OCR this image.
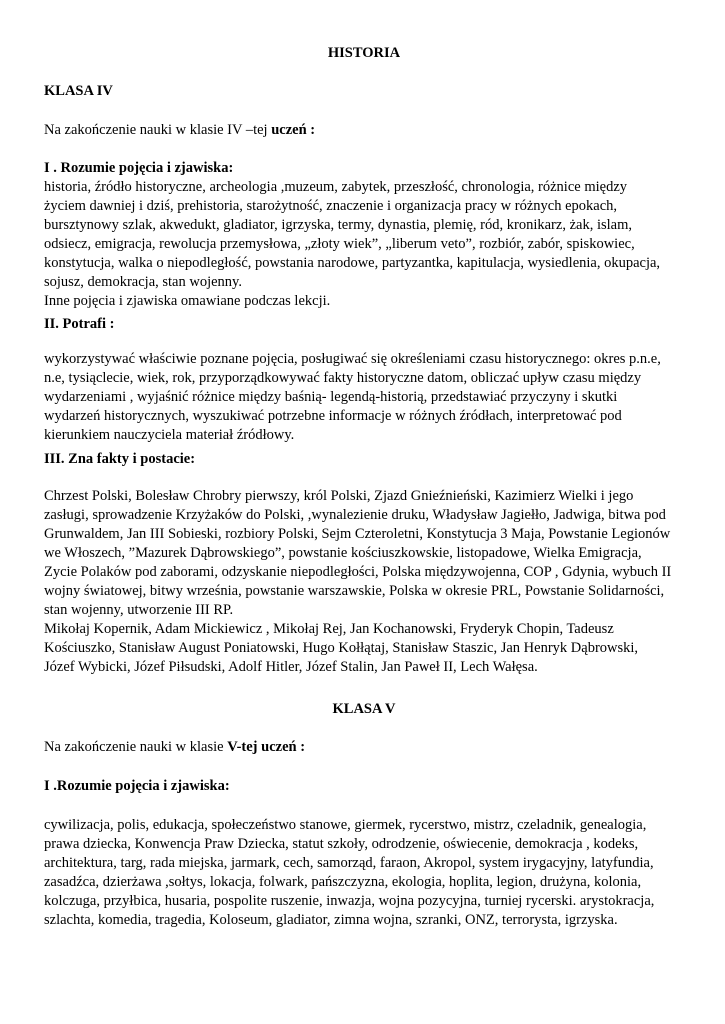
HISTORIA
KLASA IV
Na zakończenie nauki w klasie IV –tej uczeń :
I . Rozumie pojęcia i zjawiska:
historia, źródło historyczne, archeologia ,muzeum, zabytek, przeszłość, chronologia, różnice między
życiem dawniej i dziś, prehistoria, starożytność, znaczenie i organizacja pracy w różnych epokach,
bursztynowy szlak, akwedukt, gladiator, igrzyska, termy, dynastia, plemię, ród, kronikarz, żak, islam,
odsiecz, emigracja, rewolucja przemysłowa, „złoty wiek”, „liberum veto”, rozbiór, zabór, spiskowiec,
konstytucja, walka o niepodległość, powstania narodowe, partyzantka, kapitulacja, wysiedlenia, okupacja,
sojusz, demokracja, stan wojenny.
Inne pojęcia i zjawiska omawiane podczas lekcji.
II. Potrafi :
wykorzystywać właściwie poznane pojęcia, posługiwać się określeniami czasu historycznego: okres p.n.e,
n.e, tysiąclecie, wiek, rok, przyporządkowywać fakty historyczne datom, obliczać upływ czasu między
wydarzeniami , wyjaśnić różnice między baśnią- legendą-historią, przedstawiać przyczyny i skutki
wydarzeń historycznych, wyszukiwać potrzebne informacje w różnych źródłach, interpretować pod
kierunkiem nauczyciela materiał źródłowy.
III. Zna fakty i postacie:
Chrzest Polski, Bolesław Chrobry pierwszy, król Polski, Zjazd Gnieźnieński, Kazimierz Wielki i jego
zasługi, sprowadzenie Krzyżaków do Polski, ,wynalezienie druku, Władysław Jagiełło, Jadwiga, bitwa pod
Grunwaldem, Jan III Sobieski, rozbiory Polski, Sejm Czteroletni, Konstytucja 3 Maja, Powstanie Legionów
we Włoszech, ”Mazurek Dąbrowskiego”, powstanie kościuszkowskie, listopadowe, Wielka Emigracja,
Zycie Polaków pod zaborami, odzyskanie niepodległości, Polska międzywojenna, COP , Gdynia, wybuch II
wojny światowej, bitwy września, powstanie warszawskie, Polska w okresie PRL, Powstanie Solidarności,
stan wojenny, utworzenie III RP.
Mikołaj Kopernik, Adam Mickiewicz , Mikołaj Rej, Jan Kochanowski, Fryderyk Chopin, Tadeusz
Kościuszko, Stanisław August Poniatowski, Hugo Kołłątaj, Stanisław Staszic, Jan Henryk Dąbrowski,
Józef Wybicki, Józef Piłsudski, Adolf Hitler, Józef Stalin, Jan Paweł II, Lech Wałęsa.
KLASA V
Na zakończenie nauki w klasie V-tej uczeń :
I .Rozumie pojęcia i zjawiska:
cywilizacja, polis, edukacja, społeczeństwo stanowe, giermek, rycerstwo, mistrz, czeladnik, genealogia,
prawa dziecka, Konwencja Praw Dziecka, statut szkoły, odrodzenie, oświecenie, demokracja , kodeks,
architektura, targ, rada miejska, jarmark, cech, samorząd, faraon, Akropol, system irygacyjny, latyfundia,
zasadźca, dzierżawa ,sołtys, lokacja, folwark, pańszczyzna, ekologia, hoplita, legion, drużyna, kolonia,
kolczuga, przyłbica, husaria, pospolite ruszenie, inwazja, wojna pozycyjna, turniej rycerski. arystokracja,
szlachta, komedia, tragedia, Koloseum, gladiator, zimna wojna, szranki, ONZ, terrorysta, igrzyska.
